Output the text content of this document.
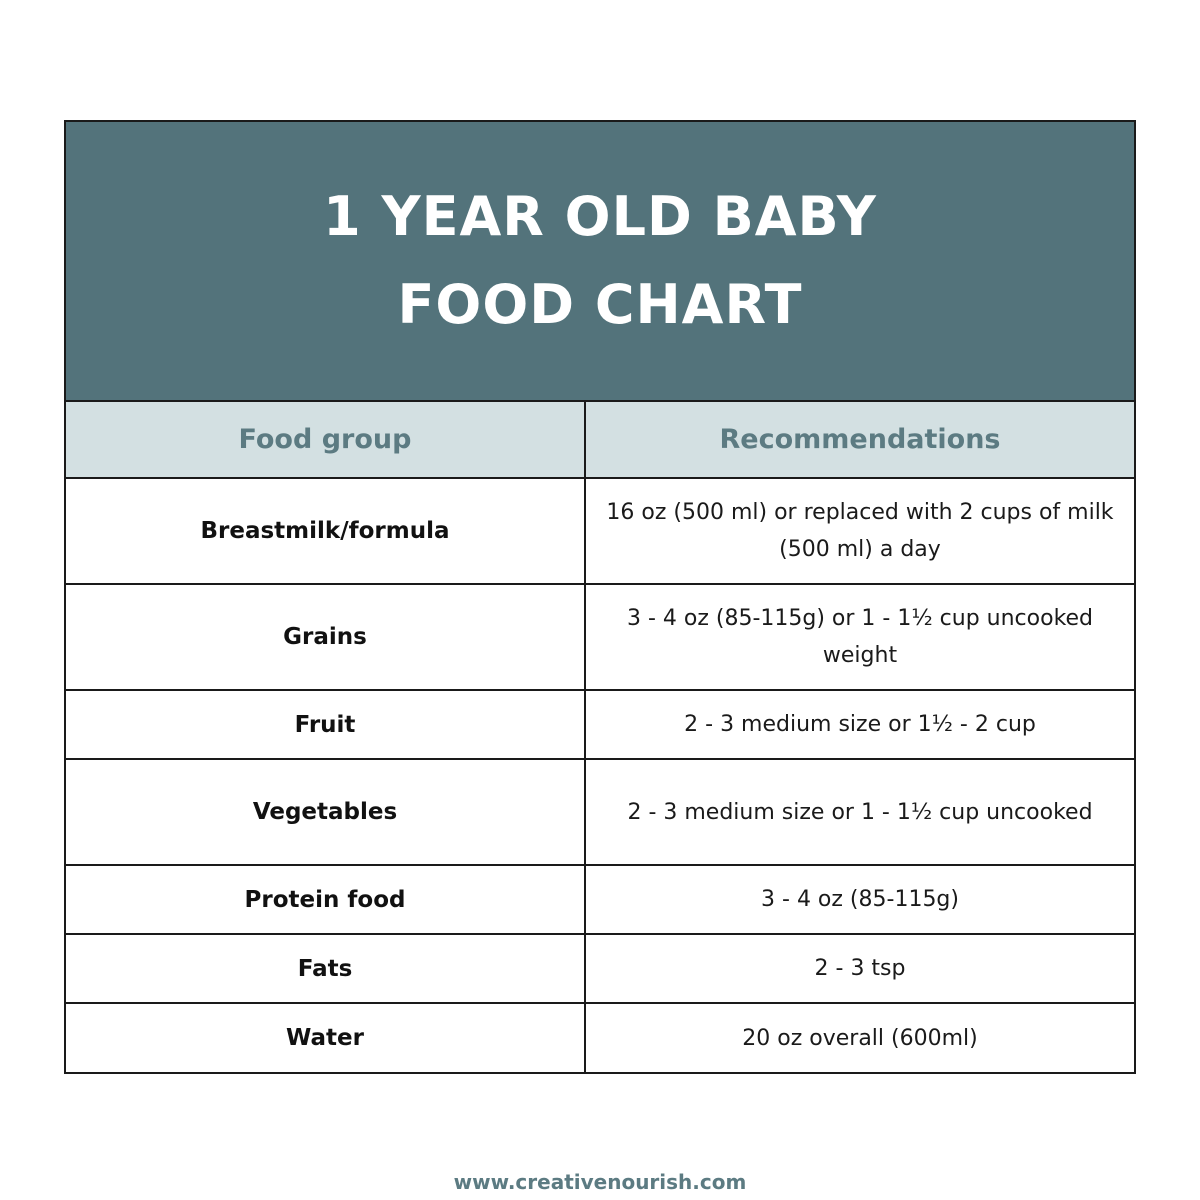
1 YEAR OLD BABY
FOOD CHART
Food group	Recommendations
Breastmilk/formula	16 oz (500 ml) or replaced with 2 cups of milk (500 ml) a day
Grains	3 - 4 oz (85-115g) or 1 - 1½ cup uncooked weight
Fruit	2 - 3 medium size or 1½ - 2 cup
Vegetables	2 - 3 medium size or 1 - 1½ cup uncooked
Protein food	3 - 4 oz (85-115g)
Fats	2 - 3 tsp
Water	20 oz overall (600ml)
www.creativenourish.com
